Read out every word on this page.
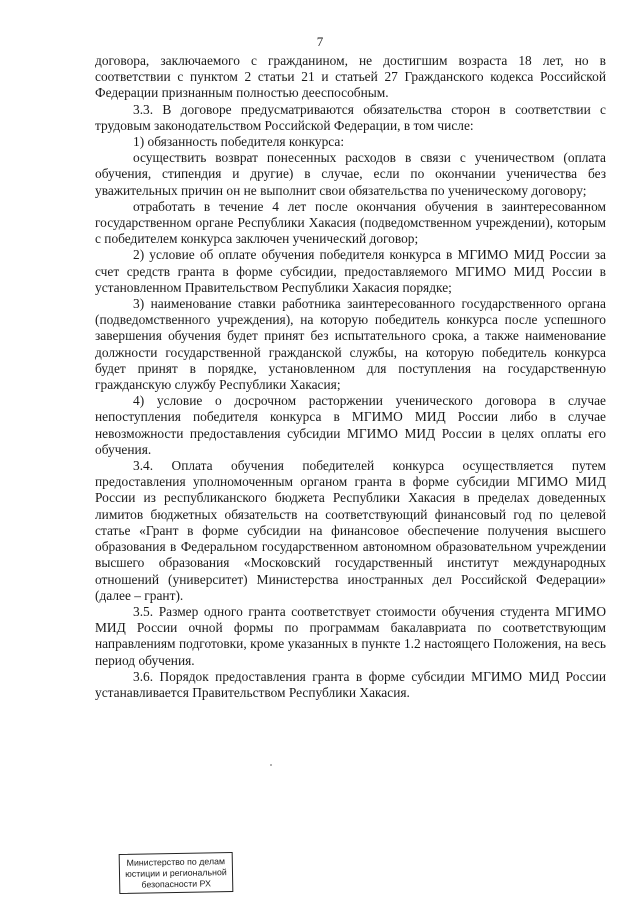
7

договора, заключаемого с гражданином, не достигшим возраста 18 лет, но в соответствии с пунктом 2 статьи 21 и статьей 27 Гражданского кодекса Российской Федерации признанным полностью дееспособным.

3.3. В договоре предусматриваются обязательства сторон в соответствии с трудовым законодательством Российской Федерации, в том числе:

1) обязанность победителя конкурса:

осуществить возврат понесенных расходов в связи с ученичеством (оплата обучения, стипендия и другие) в случае, если по окончании ученичества без уважительных причин он не выполнит свои обязательства по ученическому договору;

отработать в течение 4 лет после окончания обучения в заинтересованном государственном органе Республики Хакасия (подведомственном учреждении), которым с победителем конкурса заключен ученический договор;

2) условие об оплате обучения победителя конкурса в МГИМО МИД России за счет средств гранта в форме субсидии, предоставляемого МГИМО МИД России в установленном Правительством Республики Хакасия порядке;

3) наименование ставки работника заинтересованного государственного органа (подведомственного учреждения), на которую победитель конкурса после успешного завершения обучения будет принят без испытательного срока, а также наименование должности государственной гражданской службы, на которую победитель конкурса будет принят в порядке, установленном для поступления на государственную гражданскую службу Республики Хакасия;

4) условие о досрочном расторжении ученического договора в случае непоступления победителя конкурса в МГИМО МИД России либо в случае невозможности предоставления субсидии МГИМО МИД России в целях оплаты его обучения.

3.4. Оплата обучения победителей конкурса осуществляется путем предоставления уполномоченным органом гранта в форме субсидии МГИМО МИД России из республиканского бюджета Республики Хакасия в пределах доведенных лимитов бюджетных обязательств на соответствующий финансовый год по целевой статье «Грант в форме субсидии на финансовое обеспечение получения высшего образования в Федеральном государственном автономном образовательном учреждении высшего образования «Московский государственный институт международных отношений (университет) Министерства иностранных дел Российской Федерации» (далее – грант).

3.5. Размер одного гранта соответствует стоимости обучения студента МГИМО МИД России очной формы по программам бакалавриата по соответствующим направлениям подготовки, кроме указанных в пункте 1.2 настоящего Положения, на весь период обучения.

3.6. Порядок предоставления гранта в форме субсидии МГИМО МИД России устанавливается Правительством Республики Хакасия.

Министерство по делам
юстиции и региональной
безопасности РХ
